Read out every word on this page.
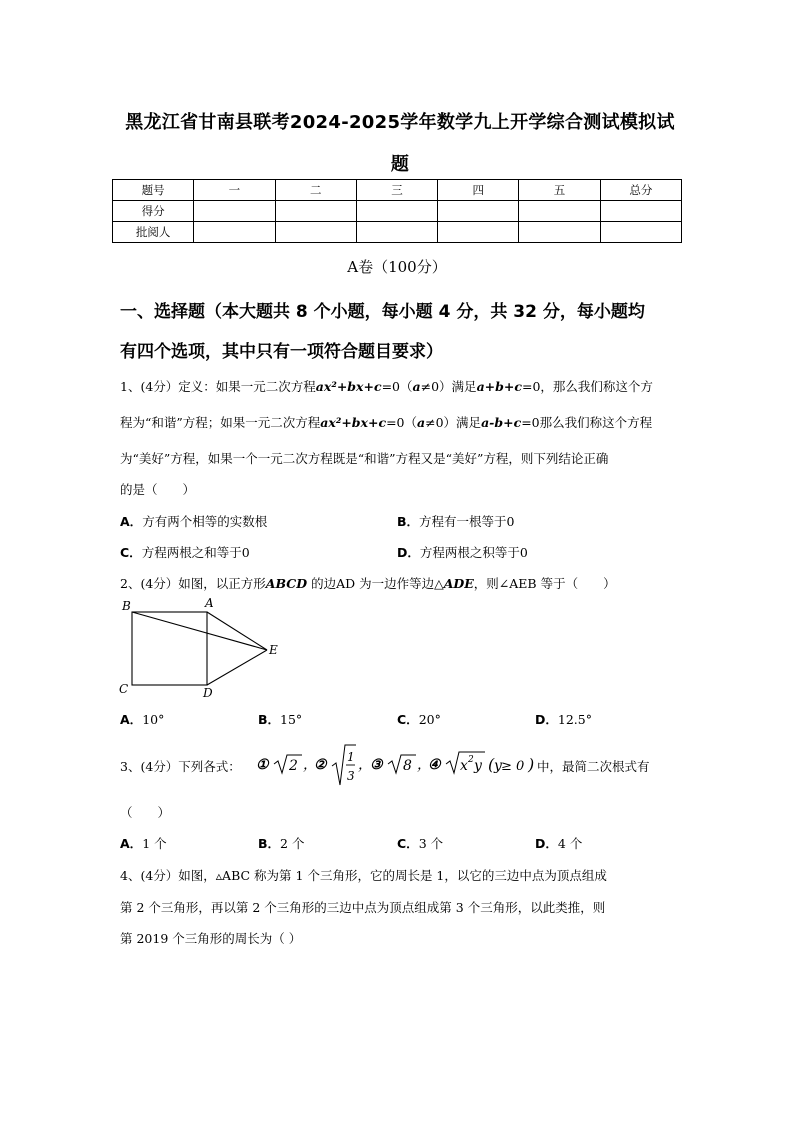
黑龙江省甘南县联考2024-2025学年数学九上开学综合测试模拟试
题
题号	一	二	三	四	五	总分
得分						
批阅人						
A卷（100分）
一、选择题（本大题共 8 个小题，每小题 4 分，共 32 分，每小题均
有四个选项，其中只有一项符合题目要求）
1、(4分）定义：如果一元二次方程ax²+bx+c=0（a≠0）满足a+b+c=0，那么我们称这个方
程为“和谐”方程；如果一元二次方程ax²+bx+c=0（a≠0）满足a-b+c=0那么我们称这个方程
为“美好”方程，如果一个一元二次方程既是“和谐”方程又是“美好”方程，则下列结论正确
的是（　　）
A．方有两个相等的实数根	B．方程有一根等于0
C．方程两根之和等于0	D．方程两根之积等于0
2、(4分）如图，以正方形ABCD 的边AD 为一边作等边△ADE，则∠AEB 等于（　　）
B	A
E
C	D
A．10°	B．15°	C．20°	D．12.5°
3、(4分）下列各式：	① 2 ，
② 1
3
，
③ 8 ，
④ x 2 y ( y ≥ 0 ) 中，最简二次根式有
（　　）
A．1 个	B．2 个	C．3 个	D．4 个
4、(4分）如图，▵ABC 称为第 1 个三角形，它的周长是 1，以它的三边中点为顶点组成
第 2 个三角形，再以第 2 个三角形的三边中点为顶点组成第 3 个三角形，以此类推，则
第 2019 个三角形的周长为（ ）
